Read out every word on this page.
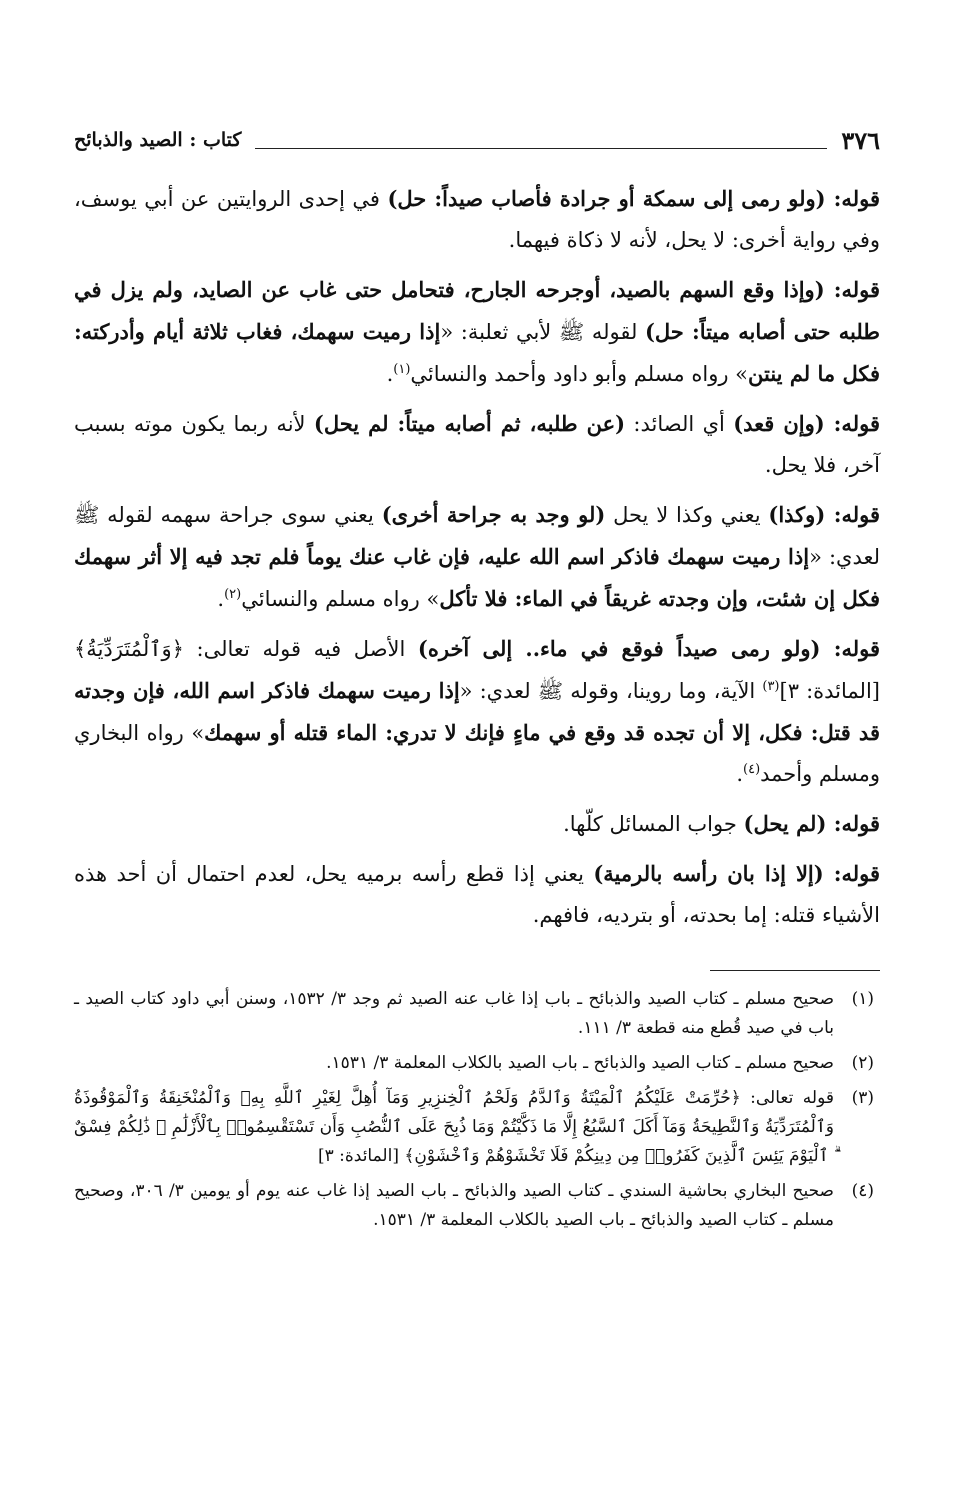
٣٧٦
كتاب : الصيد والذبائح

قوله: (ولو رمى إلى سمكة أو جرادة فأصاب صيداً: حل) في إحدى الروايتين عن أبي يوسف، وفي رواية أخرى: لا يحل، لأنه لا ذكاة فيهما.

قوله: (وإذا وقع السهم بالصيد، أوجرحه الجارح، فتحامل حتى غاب عن الصايد، ولم يزل في طلبه حتى أصابه ميتاً: حل) لقوله ﷺ لأبي ثعلبة: «إذا رميت سهمك، فغاب ثلاثة أيام وأدركته: فكل ما لم ينتن» رواه مسلم وأبو داود وأحمد والنسائي$^{(١)}$.

قوله: (وإن قعد) أي الصائد: (عن طلبه، ثم أصابه ميتاً: لم يحل) لأنه ربما يكون موته بسبب آخر، فلا يحل.

قوله: (وكذا) يعني وكذا لا يحل (لو وجد به جراحة أخرى) يعني سوى جراحة سهمه لقوله ﷺ لعدي: «إذا رميت سهمك فاذكر اسم الله عليه، فإن غاب عنك يوماً فلم تجد فيه إلا أثر سهمك فكل إن شئت، وإن وجدته غريقاً في الماء: فلا تأكل» رواه مسلم والنسائي$^{(٢)}$.

قوله: (ولو رمى صيداً فوقع في ماء.. إلى آخره) الأصل فيه قوله تعالى: ﴿وَٱلْمُتَرَدِّيَةُ﴾ [المائدة: ٣]$^{(٣)}$ الآية، وما روينا، وقوله ﷺ لعدي: «إذا رميت سهمك فاذكر اسم الله، فإن وجدته قد قتل: فكل، إلا أن تجده قد وقع في ماءٍ فإنك لا تدري: الماء قتله أو سهمك» رواه البخاري ومسلم وأحمد$^{(٤)}$.

قوله: (لم يحل) جواب المسائل كلّها.

قوله: (إلا إذا بان رأسه بالرمية) يعني إذا قطع رأسه برميه يحل، لعدم احتمال أن أحد هذه الأشياء قتله: إما بحدته، أو بترديه، فافهم.

(١)
صحيح مسلم ـ كتاب الصيد والذبائح ـ باب إذا غاب عنه الصيد ثم وجد ٣/ ١٥٣٢، وسنن أبي داود كتاب الصيد ـ باب في صيد قُطع منه قطعة ٣/ ١١١.
(٢)
صحيح مسلم ـ كتاب الصيد والذبائح ـ باب الصيد بالكلاب المعلمة ٣/ ١٥٣١.
(٣)
قوله تعالى: ﴿حُرِّمَتْ عَلَيْكُمُ ٱلْمَيْتَةُ وَٱلدَّمُ وَلَحْمُ ٱلْخِنزِيرِ وَمَآ أُهِلَّ لِغَيْرِ ٱللَّهِ بِهِۦ وَٱلْمُنْخَنِقَةُ وَٱلْمَوْقُوذَةُ وَٱلْمُتَرَدِّيَةُ وَٱلنَّطِيحَةُ وَمَآ أَكَلَ ٱلسَّبُعُ إِلَّا مَا ذَكَّيْتُمْ وَمَا ذُبِحَ عَلَى ٱلنُّصُبِ وَأَن تَسْتَقْسِمُوا۟ بِٱلْأَزْلَٰمِ ۚ ذَٰلِكُمْ فِسْقٌ ۗ ٱلْيَوْمَ يَئِسَ ٱلَّذِينَ كَفَرُوا۟ مِن دِينِكُمْ فَلَا تَخْشَوْهُمْ وَٱخْشَوْنِ﴾ [المائدة: ٣]
(٤)
صحيح البخاري بحاشية السندي ـ كتاب الصيد والذبائح ـ باب الصيد إذا غاب عنه يوم أو يومين ٣/ ٣٠٦، وصحيح مسلم ـ كتاب الصيد والذبائح ـ باب الصيد بالكلاب المعلمة ٣/ ١٥٣١.
